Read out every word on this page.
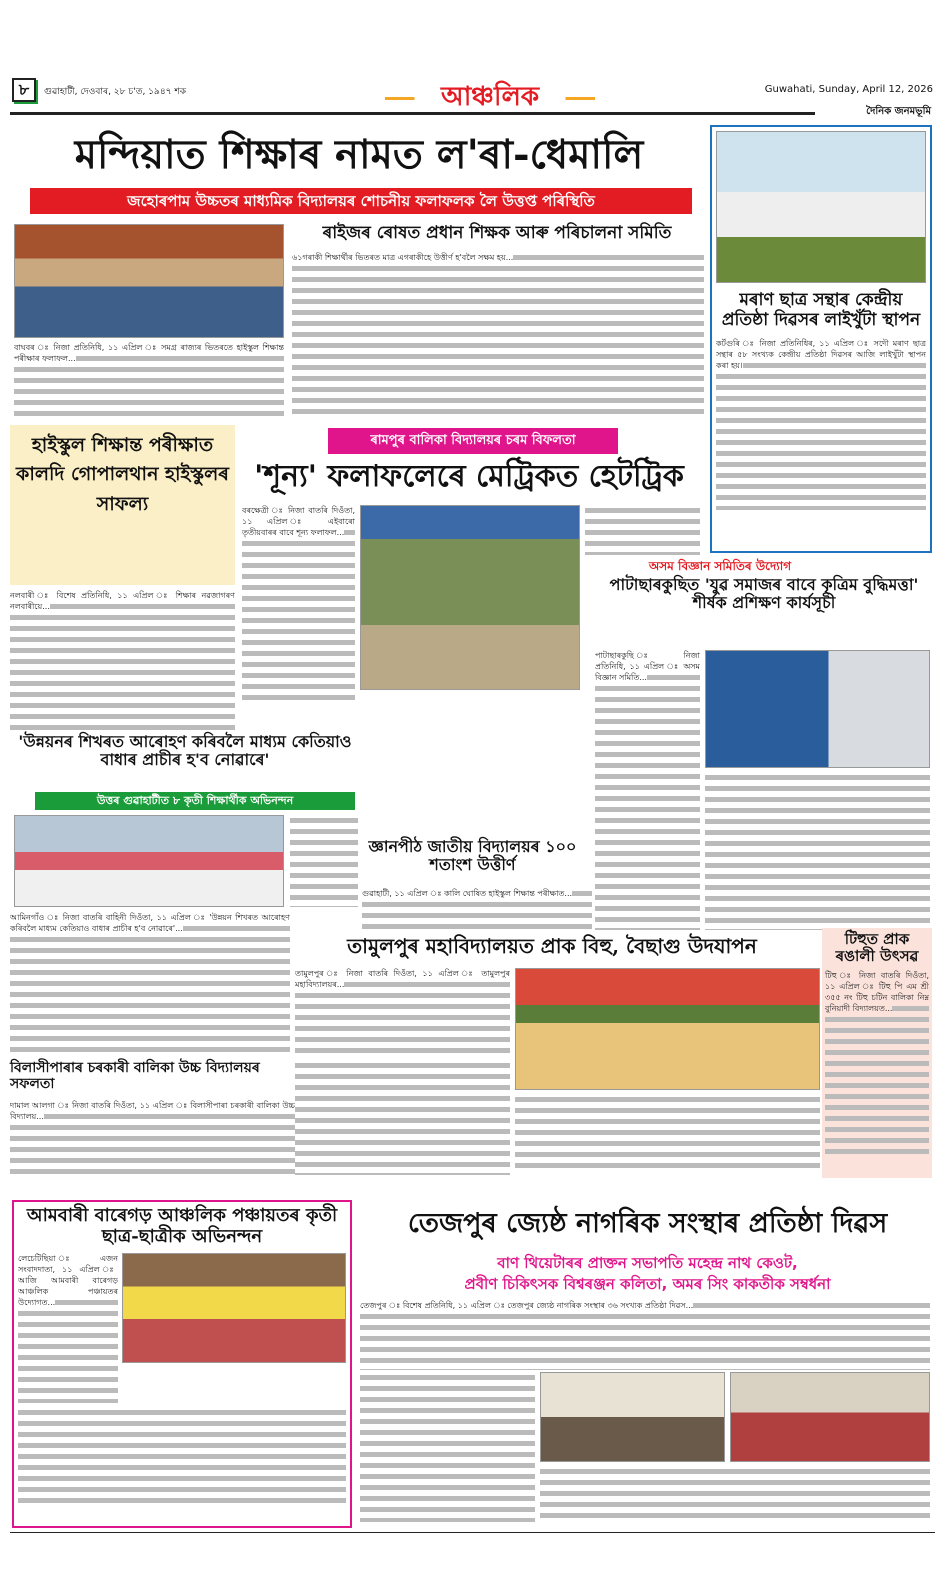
৮	গুৱাহাটী, দেওবাৰ, ২৮ চ'ত, ১৯৪৭ শক	আঞ্চলিক	Guwahati, Sunday, April 12, 2026
দৈনিক জনমভূমি
মন্দিয়াত শিক্ষাৰ নামত ল'ৰা-ধেমালি
জহোৰপাম উচ্চতৰ মাধ্যমিক বিদ্যালয়ৰ শোচনীয় ফলাফলক লৈ উত্তপ্ত পৰিস্থিতি
ৰাইজৰ ৰোষত প্ৰধান শিক্ষক আৰু পৰিচালনা সমিতি
বাঘবৰ ঃ নিজা প্ৰতিনিধি, ১১ এপ্ৰিল ঃ সমগ্ৰ ৰাজ্যৰ ভিতৰতে হাইস্কুল শিক্ষান্ত পৰীক্ষাৰ ফলাফল...
৬১গৰাকী শিক্ষাৰ্থীৰ ভিতৰত মাত্ৰ এগৰাকীহে উত্তীৰ্ণ হ'বলৈ সক্ষম হয়...
মৰাণ ছাত্ৰ সন্থাৰ কেন্দ্ৰীয় প্ৰতিষ্ঠা দিৱসৰ লাইখুঁটা স্থাপন
কৰ্টগুৰি ঃ নিজা প্ৰতিনিধিৰ, ১১ এপ্ৰিল ঃ সদৌ মৰাণ ছাত্ৰ সন্থাৰ ৫৮ সংখ্যক কেন্দ্ৰীয় প্ৰতিষ্ঠা দিৱসৰ আজি লাইখুঁটা স্থাপন কৰা হয়।
হাইস্কুল শিক্ষান্ত পৰীক্ষাত কালদি গোপালথান হাইস্কুলৰ সাফল্য
নলবাৰী ঃ বিশেষ প্ৰতিনিধি, ১১ এপ্ৰিল ঃ শিক্ষাৰ নৱজাগৰণ নলবাৰীয়ে...
ৰামপুৰ বালিকা বিদ্যালয়ৰ চৰম বিফলতা
'শূন্য' ফলাফলেৰে মেট্ৰিকত হেটট্ৰিক
বৰক্ষেত্ৰী ঃ নিজা বাতৰি দিওঁতা, ১১ এপ্ৰিল ঃ এইবাৰো তৃতীয়বাৰৰ বাবে শূন্য ফলাফল...
অসম বিজ্ঞান সমিতিৰ উদ্যোগ
পাটাছাৰকুছিত 'যুৱ সমাজৰ বাবে কৃত্ৰিম বুদ্ধিমত্তা' শীৰ্ষক প্ৰশিক্ষণ কাৰ্যসূচী
পাটাছাৰকুছি ঃ নিজা প্ৰতিনিধি, ১১ এপ্ৰিল ঃ অসম বিজ্ঞান সমিতি...
'উন্নয়নৰ শিখৰত আৰোহণ কৰিবলৈ মাধ্যম কেতিয়াও বাধাৰ প্ৰাচীৰ হ'ব নোৱাৰে'
উত্তৰ গুৱাহাটীত ৮ কৃতী শিক্ষাৰ্থীক অভিনন্দন
আমিনগাঁও ঃ নিজা বাতৰি বাহিনী দিওঁতা, ১১ এপ্ৰিল ঃ 'উন্নয়ন শিখৰত আৰোহণ কৰিবলৈ মাধ্যম কেতিয়াও বাধাৰ প্ৰাচীৰ হ'ব নোৱাৰে'...
জ্ঞানপীঠ জাতীয় বিদ্যালয়ৰ ১০০ শতাংশ উত্তীৰ্ণ
গুৱাহাটী, ১১ এপ্ৰিল ঃ কালি ঘোষিত হাইস্কুল শিক্ষান্ত পৰীক্ষাত...
তামুলপুৰ মহাবিদ্যালয়ত প্ৰাক বিহু, বৈছাগু উদযাপন
তামুলপুৰ ঃ নিজা বাতৰি দিওঁতা, ১১ এপ্ৰিল ঃ তামুলপুৰ মহাবিদ্যালয়ৰ...
টিহুত প্ৰাক ৰঙালী উৎসৱ
টিহু ঃ নিজা বাতৰি দিওঁতা, ১১ এপ্ৰিল ঃ টিহু পি এম শ্ৰী ৩৫৫ নং টিহু চটিন বালিকা নিম্ন বুনিয়াদী বিদ্যালয়ত...
বিলাসীপাৰাৰ চৰকাৰী বালিকা উচ্চ বিদ্যালয়ৰ সফলতা
দামাল আলগা ঃ নিজা বাতৰি দিওঁতা, ১১ এপ্ৰিল ঃ বিলাসীপাৰা চৰকাৰী বালিকা উচ্চ বিদ্যালয়...
আমবাৰী বাৰেগড় আঞ্চলিক পঞ্চায়তৰ কৃতী ছাত্ৰ-ছাত্ৰীক অভিনন্দন
লেচেটিছিয়া ঃ এজন সংবাদদাতা, ১১ এপ্ৰিল ঃ আজি আমবাৰী বাৰেগড় আঞ্চলিক পঞ্চায়তৰ উদ্যোগত...
তেজপুৰ জ্যেষ্ঠ নাগৰিক সংস্থাৰ প্ৰতিষ্ঠা দিৱস
বাণ থিয়েটাৰৰ প্ৰাক্তন সভাপতি মহেন্দ্ৰ নাথ কেওট,
প্ৰবীণ চিকিৎসক বিশ্বৰঞ্জন কলিতা, অমৰ সিং কাকতীক সম্বৰ্ধনা
তেজপুৰ ঃ বিশেষ প্ৰতিনিধি, ১১ এপ্ৰিল ঃ তেজপুৰ জ্যেষ্ঠ নাগৰিক সংস্থাৰ ৩৬ সংখ্যক প্ৰতিষ্ঠা দিৱস...
